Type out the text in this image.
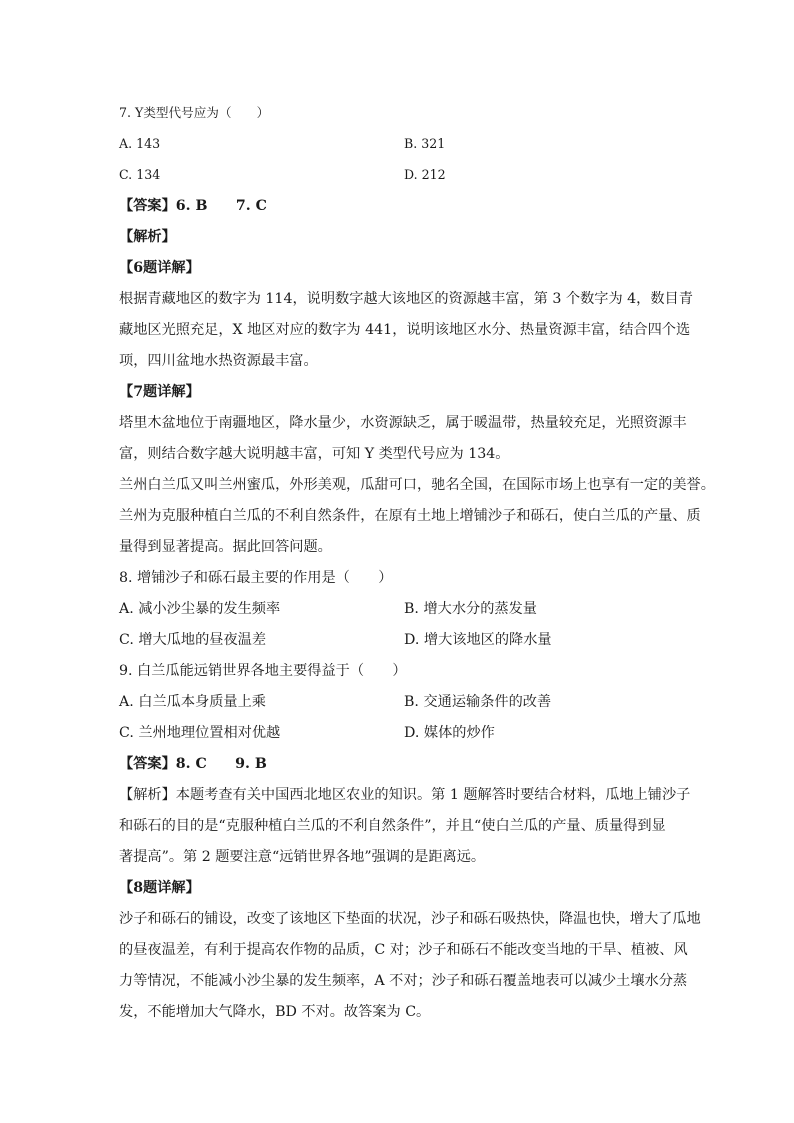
7. Y类型代号应为（　　）
A. 143	B. 321
C. 134	D. 212
【答案】6. B　　7. C
【解析】
【6题详解】
根据青藏地区的数字为 114，说明数字越大该地区的资源越丰富，第 3 个数字为 4，数目青
藏地区光照充足，X 地区对应的数字为 441，说明该地区水分、热量资源丰富，结合四个选
项，四川盆地水热资源最丰富。
【7题详解】
塔里木盆地位于南疆地区，降水量少，水资源缺乏，属于暖温带，热量较充足，光照资源丰
富，则结合数字越大说明越丰富，可知 Y 类型代号应为 134。
兰州白兰瓜又叫兰州蜜瓜，外形美观，瓜甜可口，驰名全国，在国际市场上也享有一定的美誉。
兰州为克服种植白兰瓜的不利自然条件，在原有土地上增铺沙子和砾石，使白兰瓜的产量、质
量得到显著提高。据此回答问题。
8. 增铺沙子和砾石最主要的作用是（　　）
A. 减小沙尘暴的发生频率	B. 增大水分的蒸发量
C. 增大瓜地的昼夜温差	D. 增大该地区的降水量
9. 白兰瓜能远销世界各地主要得益于（　　）
A. 白兰瓜本身质量上乘	B. 交通运输条件的改善
C. 兰州地理位置相对优越	D. 媒体的炒作
【答案】8. C　　9. B
【解析】本题考查有关中国西北地区农业的知识。第 1 题解答时要结合材料，瓜地上铺沙子
和砾石的目的是“克服种植白兰瓜的不利自然条件”，并且“使白兰瓜的产量、质量得到显
著提高”。第 2 题要注意“远销世界各地”强调的是距离远。
【8题详解】
沙子和砾石的铺设，改变了该地区下垫面的状况，沙子和砾石吸热快，降温也快，增大了瓜地
的昼夜温差，有利于提高农作物的品质，C 对；沙子和砾石不能改变当地的干旱、植被、风
力等情况，不能减小沙尘暴的发生频率，A 不对；沙子和砾石覆盖地表可以减少土壤水分蒸
发，不能增加大气降水，BD 不对。故答案为 C。
